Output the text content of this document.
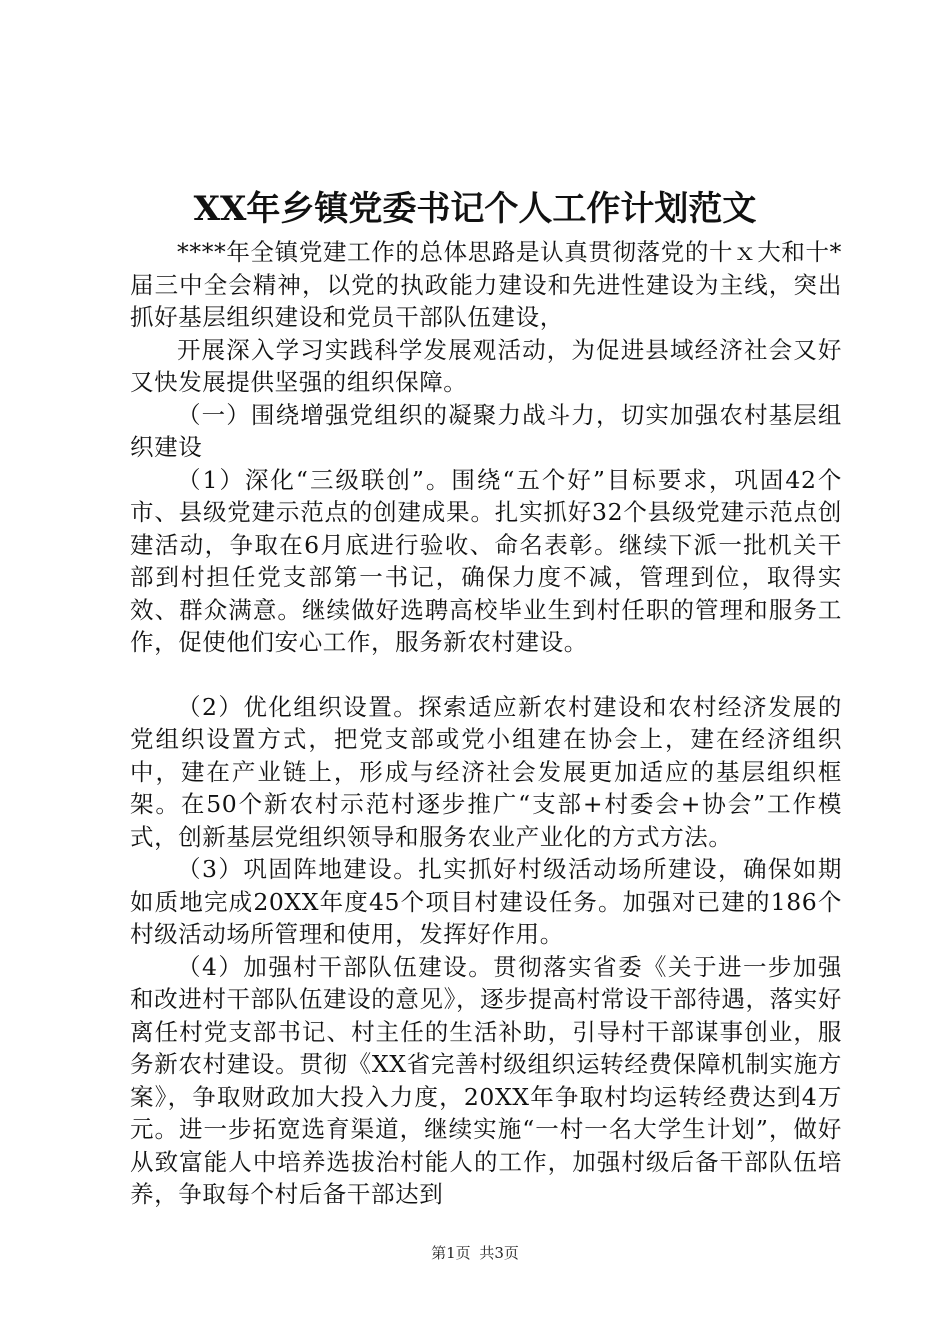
XX年乡镇党委书记个人工作计划范文

****年全镇党建工作的总体思路是认真贯彻落党的十ｘ大和十*届三中全会精神，以党的执政能力建设和先进性建设为主线，突出抓好基层组织建设和党员干部队伍建设，

开展深入学习实践科学发展观活动，为促进县域经济社会又好又快发展提供坚强的组织保障。

（一）围绕增强党组织的凝聚力战斗力，切实加强农村基层组织建设

（1）深化“三级联创”。围绕“五个好”目标要求，巩固42个市、县级党建示范点的创建成果。扎实抓好32个县级党建示范点创建活动，争取在6月底进行验收、命名表彰。继续下派一批机关干部到村担任党支部第一书记，确保力度不减，管理到位，取得实效、群众满意。继续做好选聘高校毕业生到村任职的管理和服务工作，促使他们安心工作，服务新农村建设。

（2）优化组织设置。探索适应新农村建设和农村经济发展的党组织设置方式，把党支部或党小组建在协会上，建在经济组织中，建在产业链上，形成与经济社会发展更加适应的基层组织框架。在50个新农村示范村逐步推广“支部+村委会+协会”工作模式，创新基层党组织领导和服务农业产业化的方式方法。

（3）巩固阵地建设。扎实抓好村级活动场所建设，确保如期如质地完成20XX年度45个项目村建设任务。加强对已建的186个村级活动场所管理和使用，发挥好作用。

（4）加强村干部队伍建设。贯彻落实省委《关于进一步加强和改进村干部队伍建设的意见》，逐步提高村常设干部待遇，落实好离任村党支部书记、村主任的生活补助，引导村干部谋事创业，服务新农村建设。贯彻《XX省完善村级组织运转经费保障机制实施方案》，争取财政加大投入力度，20XX年争取村均运转经费达到4万元。进一步拓宽选育渠道，继续实施“一村一名大学生计划”，做好从致富能人中培养选拔治村能人的工作，加强村级后备干部队伍培养，争取每个村后备干部达到

第1页 共3页
